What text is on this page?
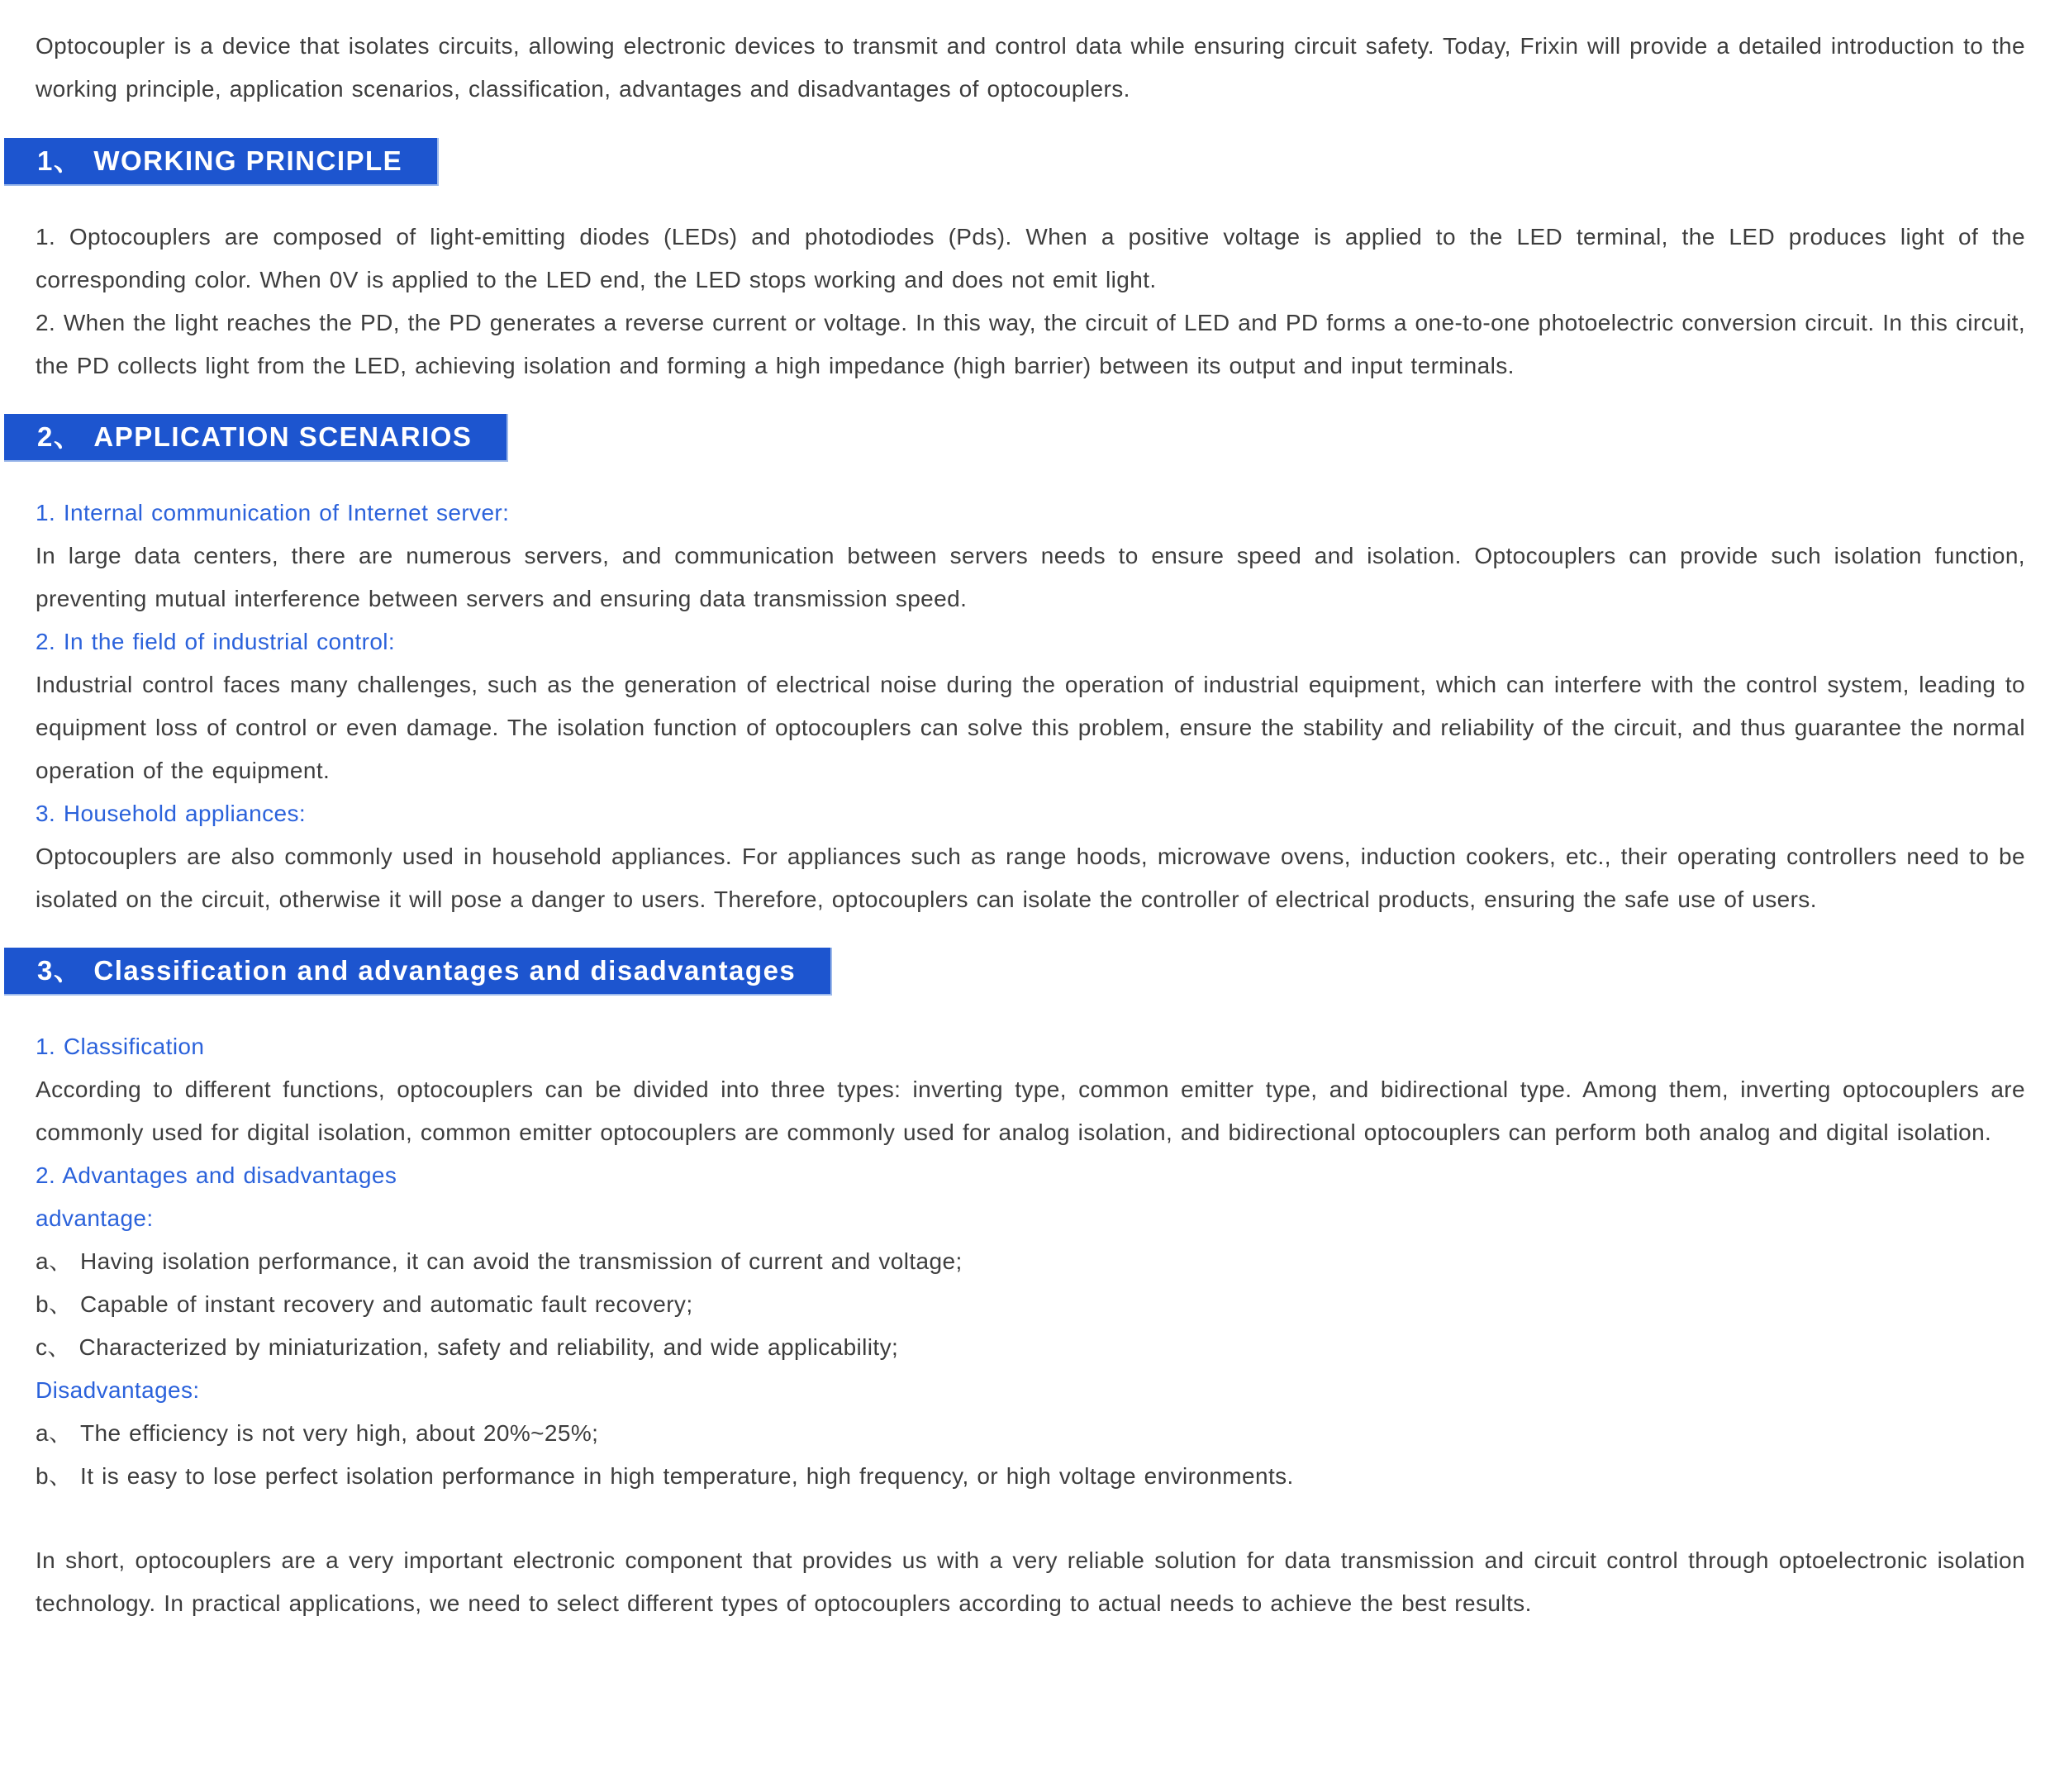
Optocoupler is a device that isolates circuits, allowing electronic devices to transmit and control data while ensuring circuit safety. Today, Frixin will provide a detailed introduction to the working principle, application scenarios, classification, advantages and disadvantages of optocouplers.

1、 WORKING PRINCIPLE

1. Optocouplers are composed of light-emitting diodes (LEDs) and photodiodes (Pds). When a positive voltage is applied to the LED terminal, the LED produces light of the corresponding color. When 0V is applied to the LED end, the LED stops working and does not emit light.

2. When the light reaches the PD, the PD generates a reverse current or voltage. In this way, the circuit of LED and PD forms a one-to-one photoelectric conversion circuit. In this circuit, the PD collects light from the LED, achieving isolation and forming a high impedance (high barrier) between its output and input terminals.

2、 APPLICATION SCENARIOS

1. Internal communication of Internet server:

In large data centers, there are numerous servers, and communication between servers needs to ensure speed and isolation. Optocouplers can provide such isolation function, preventing mutual interference between servers and ensuring data transmission speed.

2. In the field of industrial control:

Industrial control faces many challenges, such as the generation of electrical noise during the operation of industrial equipment, which can interfere with the control system, leading to equipment loss of control or even damage. The isolation function of optocouplers can solve this problem, ensure the stability and reliability of the circuit, and thus guarantee the normal operation of the equipment.

3. Household appliances:

Optocouplers are also commonly used in household appliances. For appliances such as range hoods, microwave ovens, induction cookers, etc., their operating controllers need to be isolated on the circuit, otherwise it will pose a danger to users. Therefore, optocouplers can isolate the controller of electrical products, ensuring the safe use of users.

3、 Classification and advantages and disadvantages

1. Classification

According to different functions, optocouplers can be divided into three types: inverting type, common emitter type, and bidirectional type. Among them, inverting optocouplers are commonly used for digital isolation, common emitter optocouplers are commonly used for analog isolation, and bidirectional optocouplers can perform both analog and digital isolation.

2. Advantages and disadvantages

advantage:

a、 Having isolation performance, it can avoid the transmission of current and voltage;

b、 Capable of instant recovery and automatic fault recovery;

c、 Characterized by miniaturization, safety and reliability, and wide applicability;

Disadvantages:

a、 The efficiency is not very high, about 20%~25%;

b、 It is easy to lose perfect isolation performance in high temperature, high frequency, or high voltage environments.

In short, optocouplers are a very important electronic component that provides us with a very reliable solution for data transmission and circuit control through optoelectronic isolation technology. In practical applications, we need to select different types of optocouplers according to actual needs to achieve the best results.
